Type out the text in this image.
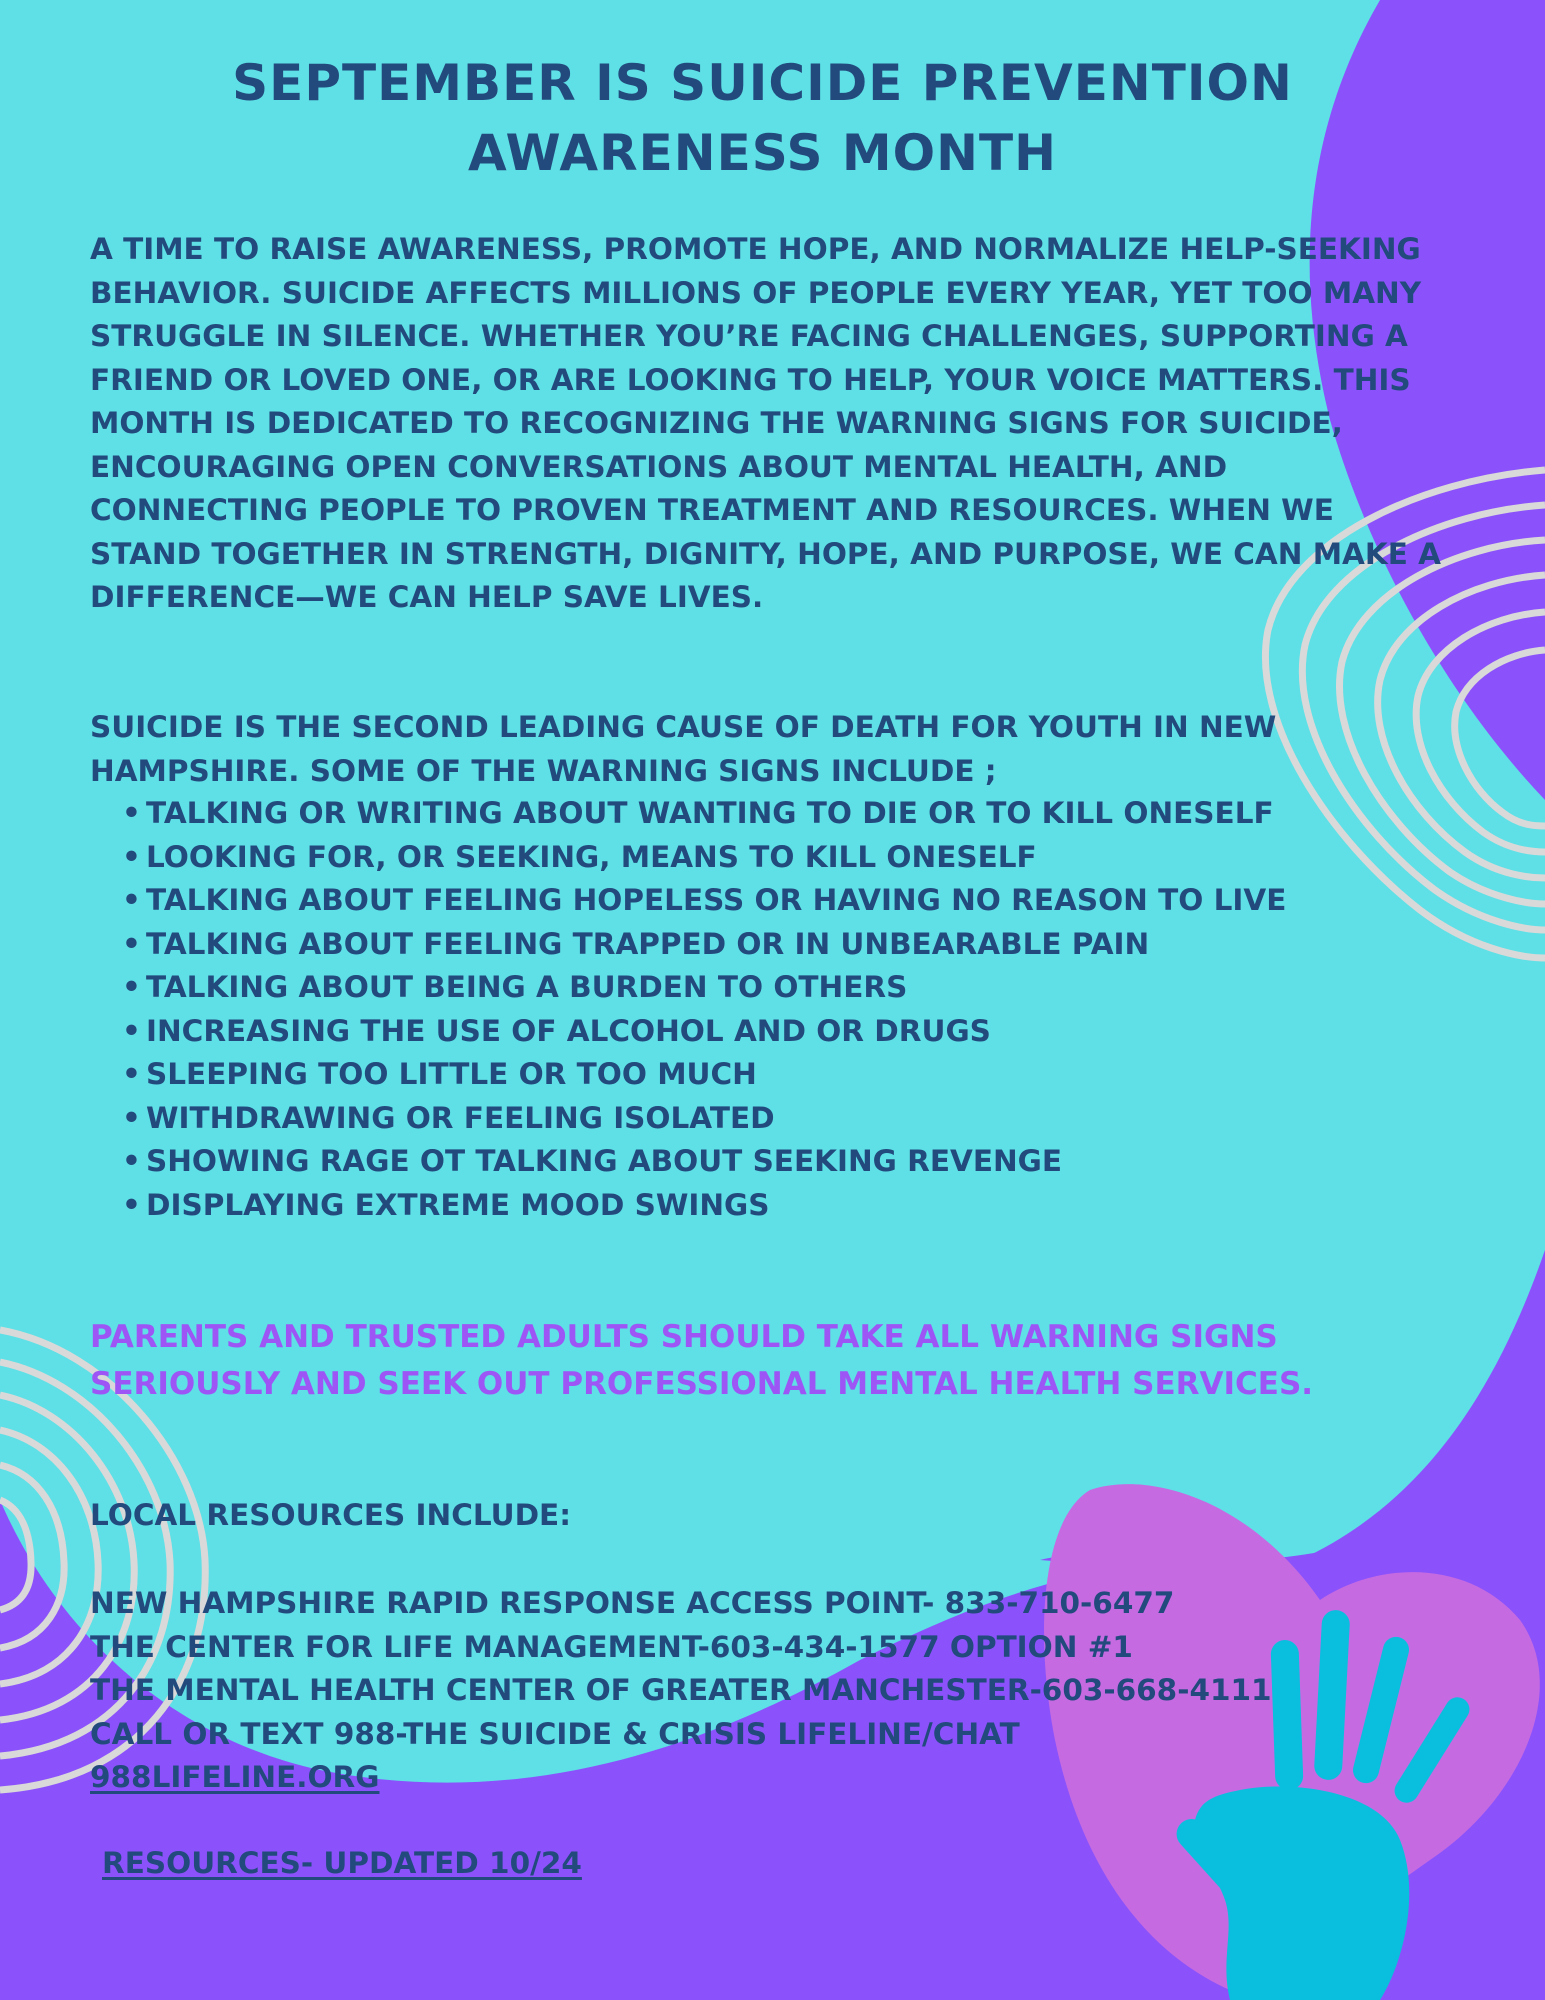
SEPTEMBER IS SUICIDE PREVENTION
AWARENESS MONTH

A TIME TO RAISE AWARENESS, PROMOTE HOPE, AND NORMALIZE HELP-SEEKING BEHAVIOR. SUICIDE AFFECTS MILLIONS OF PEOPLE EVERY YEAR, YET TOO MANY STRUGGLE IN SILENCE. WHETHER YOU’RE FACING CHALLENGES, SUPPORTING A FRIEND OR LOVED ONE, OR ARE LOOKING TO HELP, YOUR VOICE MATTERS. THIS MONTH IS DEDICATED TO RECOGNIZING THE WARNING SIGNS FOR SUICIDE, ENCOURAGING OPEN CONVERSATIONS ABOUT MENTAL HEALTH, AND CONNECTING PEOPLE TO PROVEN TREATMENT AND RESOURCES. WHEN WE STAND TOGETHER IN STRENGTH, DIGNITY, HOPE, AND PURPOSE, WE CAN MAKE A DIFFERENCE—WE CAN HELP SAVE LIVES.

SUICIDE IS THE SECOND LEADING CAUSE OF DEATH FOR YOUTH IN NEW HAMPSHIRE. SOME OF THE WARNING SIGNS INCLUDE ;

• TALKING OR WRITING ABOUT WANTING TO DIE OR TO KILL ONESELF
• LOOKING FOR, OR SEEKING, MEANS TO KILL ONESELF
• TALKING ABOUT FEELING HOPELESS OR HAVING NO REASON TO LIVE
• TALKING ABOUT FEELING TRAPPED OR IN UNBEARABLE PAIN
• TALKING ABOUT BEING A BURDEN TO OTHERS
• INCREASING THE USE OF ALCOHOL AND OR DRUGS
• SLEEPING TOO LITTLE OR TOO MUCH
• WITHDRAWING OR FEELING ISOLATED
• SHOWING RAGE OT TALKING ABOUT SEEKING REVENGE
• DISPLAYING EXTREME MOOD SWINGS

PARENTS AND TRUSTED ADULTS SHOULD TAKE ALL WARNING SIGNS SERIOUSLY AND SEEK OUT PROFESSIONAL MENTAL HEALTH SERVICES.

LOCAL RESOURCES INCLUDE:

NEW HAMPSHIRE RAPID RESPONSE ACCESS POINT- 833-710-6477
THE CENTER FOR LIFE MANAGEMENT-603-434-1577 OPTION #1
THE MENTAL HEALTH CENTER OF GREATER MANCHESTER-603-668-4111
CALL OR TEXT 988-THE SUICIDE & CRISIS LIFELINE/CHAT
988LIFELINE.ORG

RESOURCES- UPDATED 10/24
